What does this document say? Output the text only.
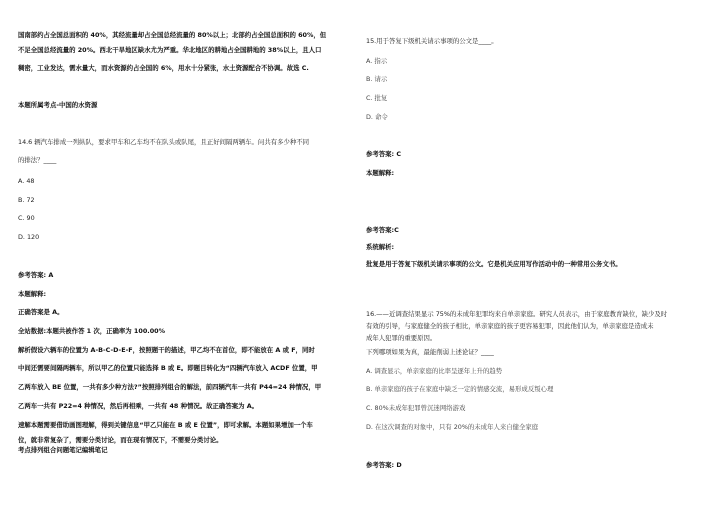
国南部约占全国总面积的 40%，其经流量却占全国总经流量的 80%以上；北部约占全国总面积的 60%，但
不足全国总经流量的 20%。西北干旱地区缺水尤为严重。华北地区的耕地占全国耕地的 38%以上，且人口
稠密，工业发达，需水量大，而水资源约占全国的 6%，用水十分紧张，水土资源配合不协调。故选 C.
本题所属考点-中国的水资源
14.6 辆汽车排成一列纵队，要求甲车和乙车均不在队头或队尾，且正好间隔两辆车。问共有多少种不同
的排法？____
A. 48
B. 72
C. 90
D. 120
参考答案: A
本题解释:
正确答案是 A。
全站数据:本题共被作答 1 次，正确率为 100.00%
解析假设六辆车的位置为 A-B-C-D-E-F，按照题干的描述，甲乙均不在首位，即不能放在 A 或 F，同时
中间还需要间隔两辆车，所以甲乙的位置只能选择 B 或 E。即题目转化为“四辆汽车放入 ACDF 位置，甲
乙两车放入 BE 位置，一共有多少种方法?”按照排列组合的解法，前四辆汽车一共有 P44=24 种情况，甲
乙两车一共有 P22=4 种情况，然后再相乘，一共有 48 种情况。故正确答案为 A。
速解本题需要借助画图理解，得到关键信息“甲乙只能在 B 或 E 位置”，即可求解。本题如果增加一个车
位，就非常复杂了，需要分类讨论，而在现有情况下，不需要分类讨论。
考点排列组合问题笔记编辑笔记
15.用于答复下级机关请示事项的公文是____。
A. 指示
B. 请示
C. 批复
D. 命令
参考答案: C
本题解释:
参考答案:C
系统解析:
批复是用于答复下级机关请示事项的公文。它是机关应用写作活动中的一种常用公务文书。
16.——近调查结果显示 75%的未成年犯罪均来自单亲家庭。研究人员表示，由于家庭教育缺位，缺少及时
有效的引导，与家庭健全的孩子相比，单亲家庭的孩子更容易犯罪，因此他们认为，单亲家庭是造成未
成年人犯罪的重要原因。
下列哪项如果为真，最能削弱上述论证？____
A. 调查显示，单亲家庭的比率呈逐年上升的趋势
B. 单亲家庭的孩子在家庭中缺乏一定的情感交流，易形成反叛心理
C. 80%未成年犯罪曾沉迷网络游戏
D. 在这次调查的对象中，只有 20%的未成年人来自健全家庭
参考答案: D
